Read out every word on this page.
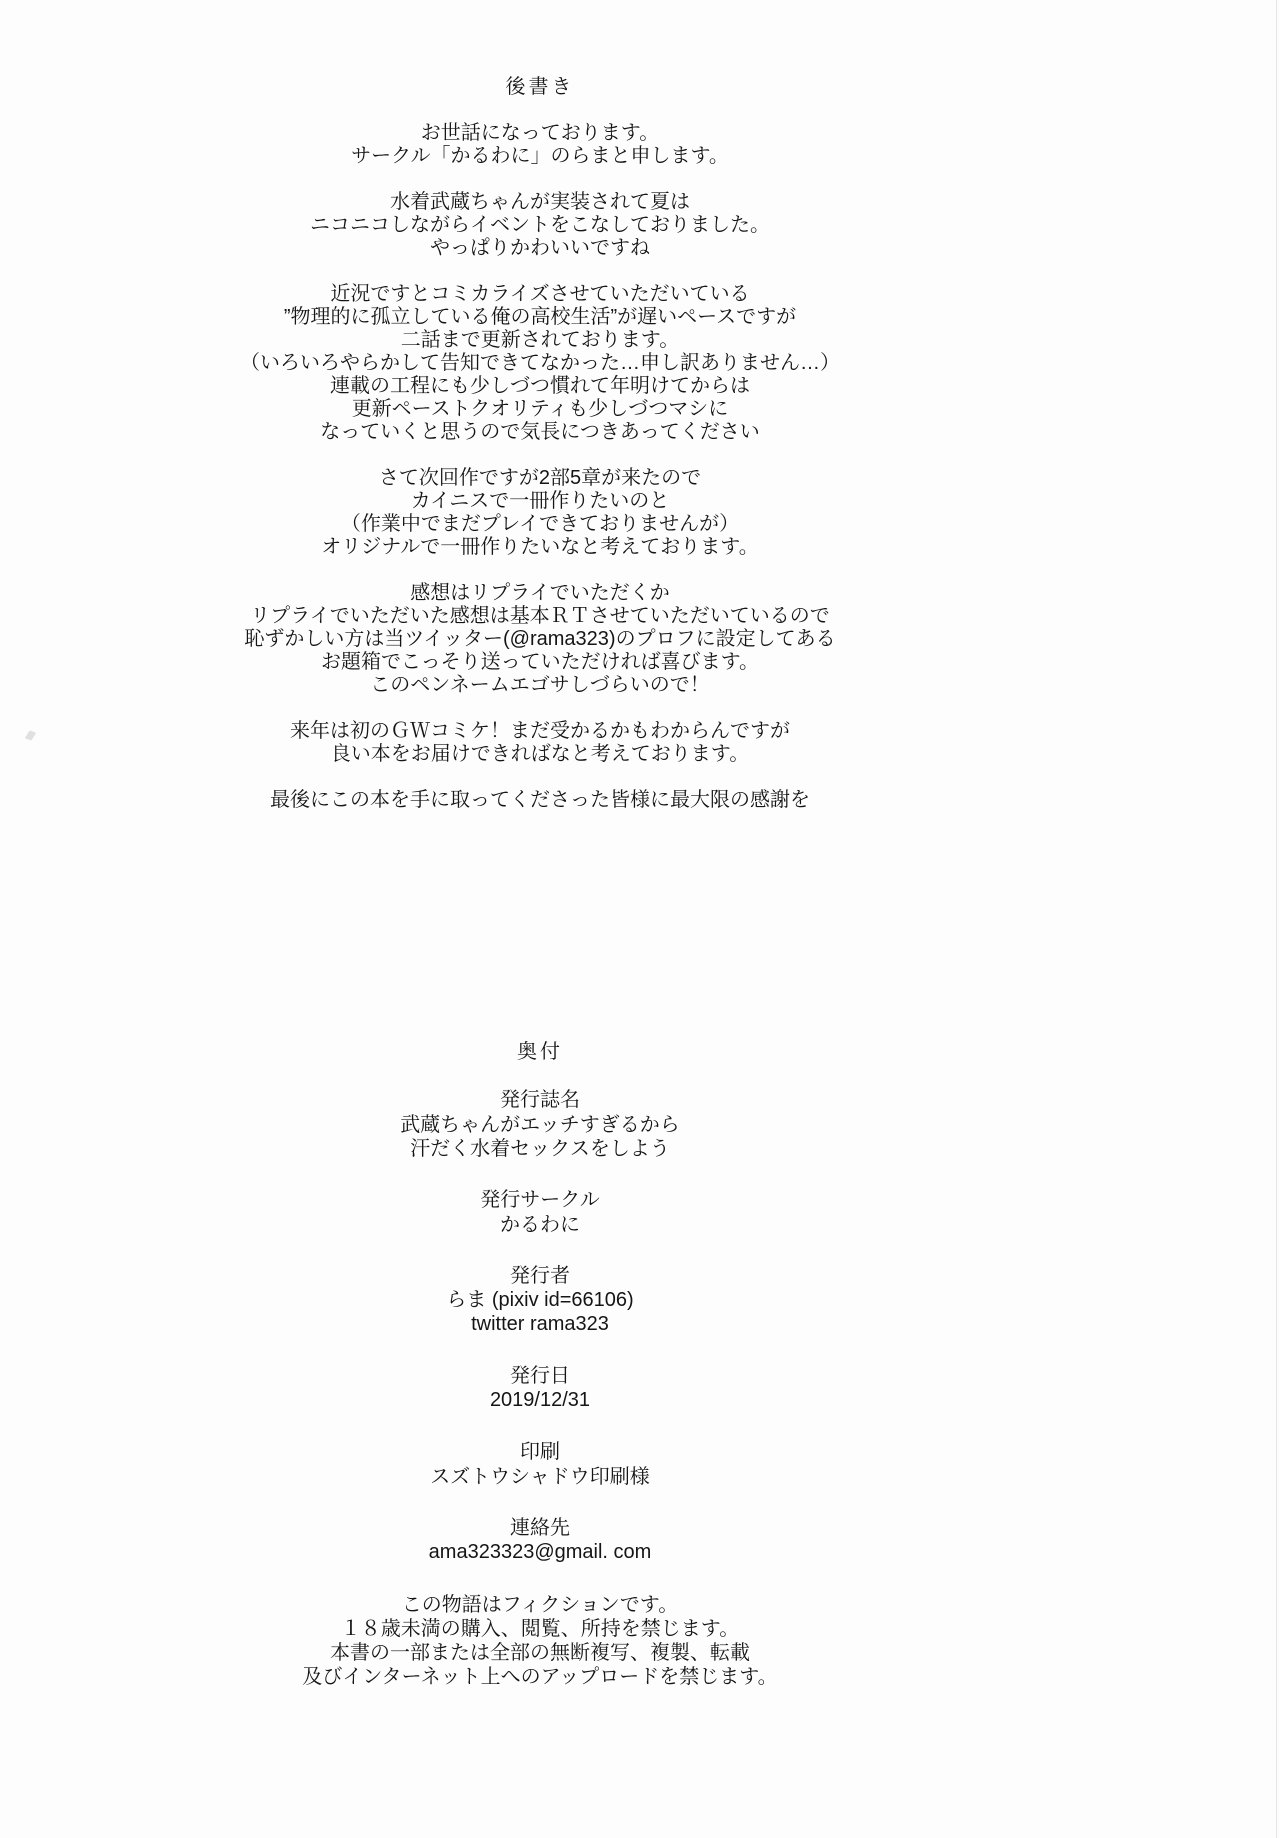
後書き
お世話になっております。
サークル「かるわに」のらまと申します。
水着武蔵ちゃんが実装されて夏は
ニコニコしながらイベントをこなしておりました。
やっぱりかわいいですね
近況ですとコミカライズさせていただいている
”物理的に孤立している俺の高校生活”が遅いペースですが
二話まで更新されております。
（いろいろやらかして告知できてなかった…申し訳ありません…）
連載の工程にも少しづつ慣れて年明けてからは
更新ペーストクオリティも少しづつマシに
なっていくと思うので気長につきあってください
さて次回作ですが2部5章が来たので
カイニスで一冊作りたいのと
（作業中でまだプレイできておりませんが）
オリジナルで一冊作りたいなと考えております。
感想はリプライでいただくか
リプライでいただいた感想は基本ＲＴさせていただいているので
恥ずかしい方は当ツイッター(@rama323)のプロフに設定してある
お題箱でこっそり送っていただければ喜びます。
このペンネームエゴサしづらいので！
来年は初のＧＷコミケ！まだ受かるかもわからんですが
良い本をお届けできればなと考えております。
最後にこの本を手に取ってくださった皆様に最大限の感謝を
奥付
発行誌名
武蔵ちゃんがエッチすぎるから
汗だく水着セックスをしよう
発行サークル
かるわに
発行者
らま (pixiv id=66106)
twitter rama323
発行日
2019/12/31
印刷
スズトウシャドウ印刷様
連絡先
ama323323@gmail. com
この物語はフィクションです。
１８歳未満の購入、閲覧、所持を禁じます。
本書の一部または全部の無断複写、複製、転載
及びインターネット上へのアップロードを禁じます。
